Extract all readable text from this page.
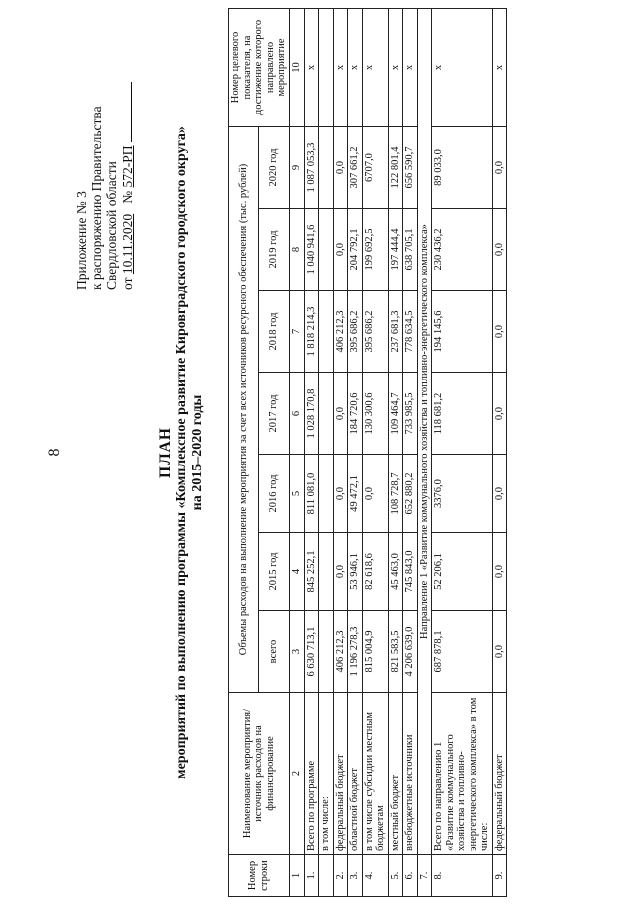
8
Приложение № 3 к распоряжению Правительства Свердловской области от 10.11.2020   № 572-РП
ПЛАН мероприятий по выполнению программы «Комплексное развитие Кировградского городского округа» на 2015–2020 годы
Номер строки	Наименование мероприятия/ источник расходов на финансирование	Объемы расходов на выполнение мероприятия за счет всех источников ресурсного обеспечения (тыс. рублей)							Номер целевого показателя, на достижение которого направлено мероприятие
		всего	2015 год	2016 год	2017 год	2018 год	2019 год	2020 год	
1	2	3	4	5	6	7	8	9	10
1.	Всего по программе	6 630 713,1	845 252,1	811 081,0	1 028 170,8	1 818 214,3	1 040 941,6	1 087 053,3	x
	в том числе:								
2.	федеральный бюджет	406 212,3	0,0	0,0	0,0	406 212,3	0,0	0,0	x
3.	областной бюджет	1 196 278,3	53 946,1	49 472,1	184 720,6	395 686,2	204 792,1	307 661,2	x
4.	в том числе субсидии местным бюджетам	815 004,9	82 618,6	0,0	130 300,6	395 686,2	199 692,5	6707,0	x
5.	местный бюджет	821 583,5	45 463,0	108 728,7	109 464,7	237 681,3	197 444,4	122 801,4	x
6.	внебюджетные источники	4 206 639,0	745 843,0	652 880,2	733 985,5	778 634,5	638 705,1	656 590,7	x
7.	Направление 1 «Развитие коммунального хозяйства и топливно-энергетического комплекса»								
8.	Всего по направлению 1 «Развитие коммунального хозяйства и топливно-энергетического комплекса» в том числе:	687 878,1	52 206,1	3376,0	118 681,2	194 145,6	230 436,2	89 033,0	x
9.	федеральный бюджет	0,0	0,0	0,0	0,0	0,0	0,0	0,0	x
